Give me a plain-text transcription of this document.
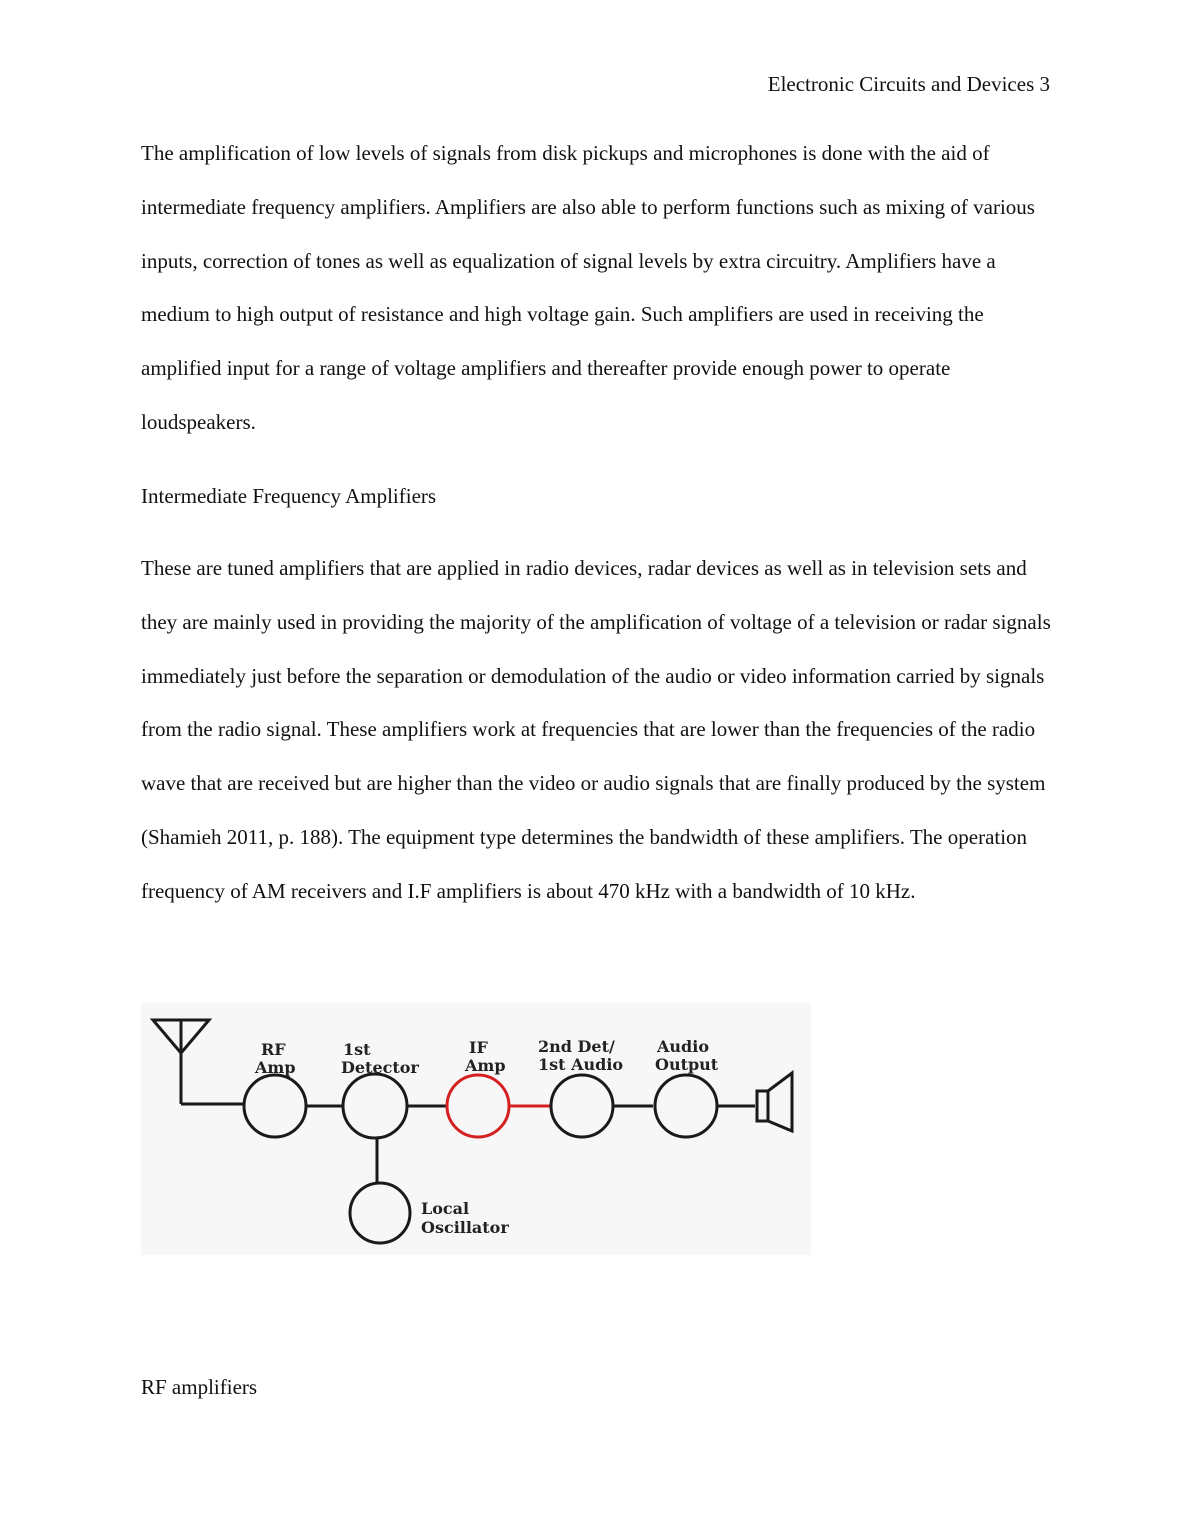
Electronic Circuits and Devices 3

The amplification of low levels of signals from disk pickups and microphones is done with the aid of intermediate frequency amplifiers. Amplifiers are also able to perform functions such as mixing of various inputs, correction of tones as well as equalization of signal levels by extra circuitry. Amplifiers have a medium to high output of resistance and high voltage gain. Such amplifiers are used in receiving the amplified input for a range of voltage amplifiers and thereafter provide enough power to operate loudspeakers.

Intermediate Frequency Amplifiers

These are tuned amplifiers that are applied in radio devices, radar devices as well as in television sets and they are mainly used in providing the majority of the amplification of voltage of a television or radar signals immediately just before the separation or demodulation of the audio or video information carried by signals from the radio signal. These amplifiers work at frequencies that are lower than the frequencies of the radio wave that are received but are higher than the video or audio signals that are finally produced by the system (Shamieh 2011, p. 188). The equipment type determines the bandwidth of these amplifiers. The operation frequency of AM receivers and I.F amplifiers is about 470 kHz with a bandwidth of 10 kHz.

RF
Amp
1st
Detector
IF
Amp
2nd Det/
1st Audio
Audio
Output
Local
Oscillator
RF amplifiers
